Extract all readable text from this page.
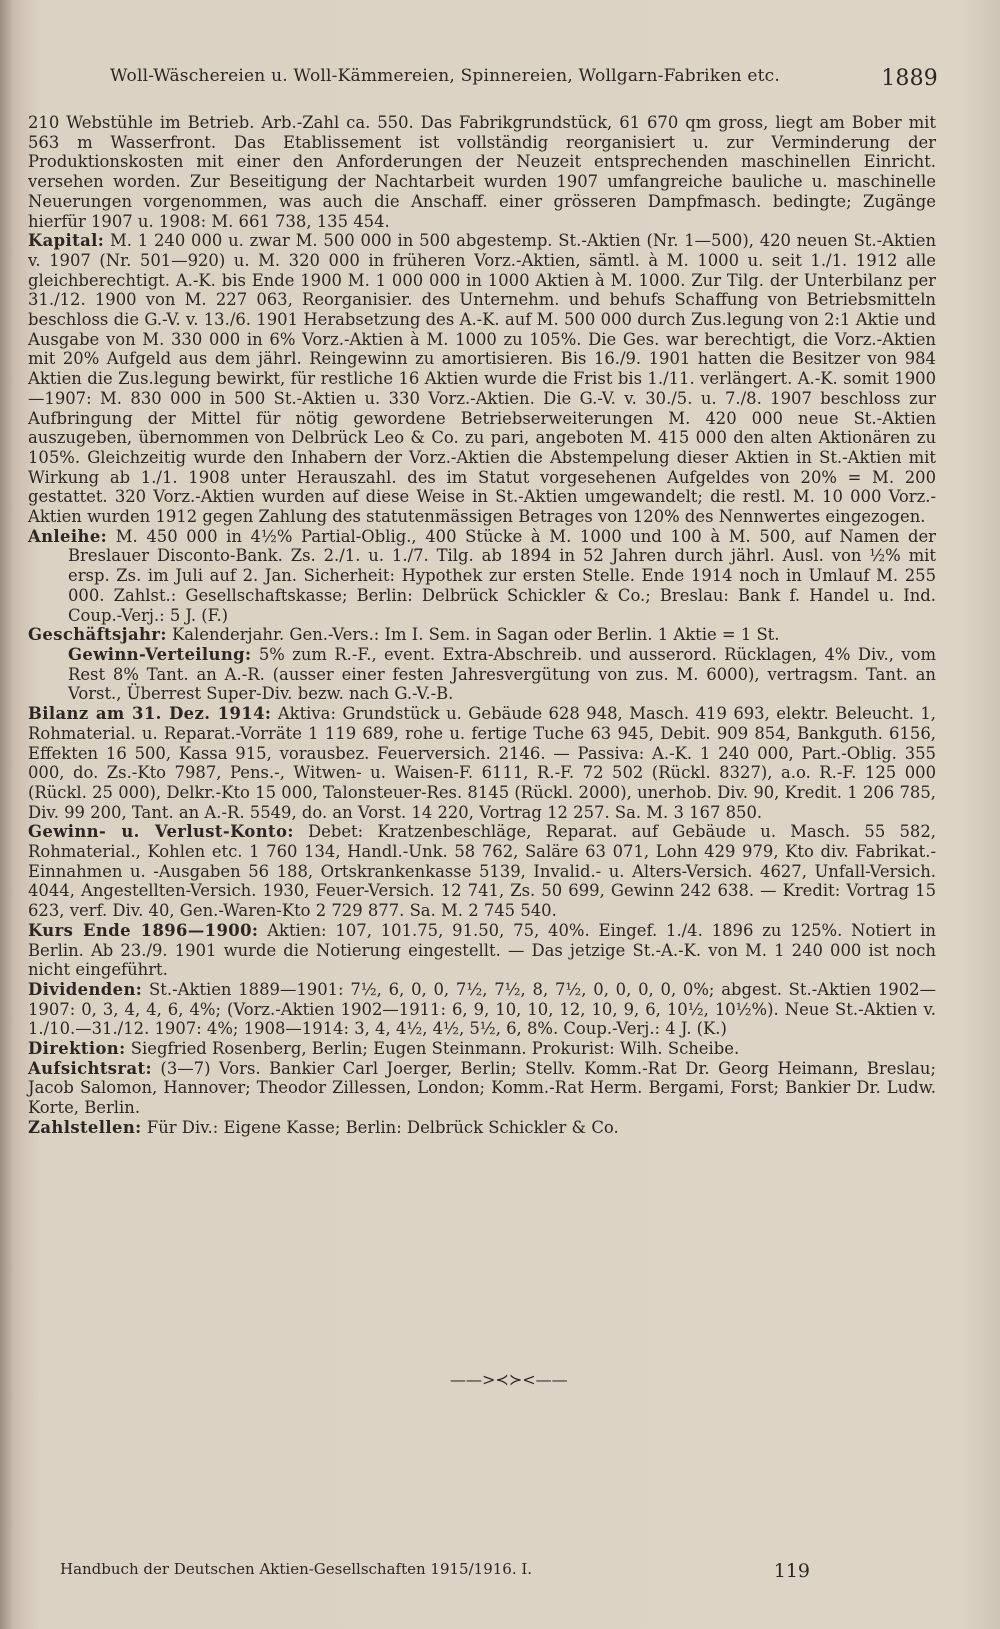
Woll-Wäschereien u. Woll-Kämmereien, Spinnereien, Wollgarn-Fabriken etc.	1889

210 Webstühle im Betrieb. Arb.-Zahl ca. 550. Das Fabrikgrundstück, 61 670 qm gross, liegt am Bober mit 563 m Wasserfront. Das Etablissement ist vollständig reorganisiert u. zur Verminderung der Produktionskosten mit einer den Anforderungen der Neuzeit entsprechenden maschinellen Einricht. versehen worden. Zur Beseitigung der Nachtarbeit wurden 1907 umfangreiche bauliche u. maschinelle Neuerungen vorgenommen, was auch die Anschaff. einer grösseren Dampfmasch. bedingte; Zugänge hierfür 1907 u. 1908: M. 661 738, 135 454.

Kapital: M. 1 240 000 u. zwar M. 500 000 in 500 abgestemp. St.-Aktien (Nr. 1—500), 420 neuen St.-Aktien v. 1907 (Nr. 501—920) u. M. 320 000 in früheren Vorz.-Aktien, sämtl. à M. 1000 u. seit 1./1. 1912 alle gleichberechtigt. A.-K. bis Ende 1900 M. 1 000 000 in 1000 Aktien à M. 1000. Zur Tilg. der Unterbilanz per 31./12. 1900 von M. 227 063, Reorganisier. des Unternehm. und behufs Schaffung von Betriebsmitteln beschloss die G.-V. v. 13./6. 1901 Herabsetzung des A.-K. auf M. 500 000 durch Zus.legung von 2:1 Aktie und Ausgabe von M. 330 000 in 6% Vorz.-Aktien à M. 1000 zu 105%. Die Ges. war berechtigt, die Vorz.-Aktien mit 20% Aufgeld aus dem jährl. Reingewinn zu amortisieren. Bis 16./9. 1901 hatten die Besitzer von 984 Aktien die Zus.legung bewirkt, für restliche 16 Aktien wurde die Frist bis 1./11. verlängert. A.-K. somit 1900—1907: M. 830 000 in 500 St.-Aktien u. 330 Vorz.-Aktien. Die G.-V. v. 30./5. u. 7./8. 1907 beschloss zur Aufbringung der Mittel für nötig gewordene Betriebserweiterungen M. 420 000 neue St.-Aktien auszugeben, übernommen von Delbrück Leo & Co. zu pari, angeboten M. 415 000 den alten Aktionären zu 105%. Gleichzeitig wurde den Inhabern der Vorz.-Aktien die Abstempelung dieser Aktien in St.-Aktien mit Wirkung ab 1./1. 1908 unter Herauszahl. des im Statut vorgesehenen Aufgeldes von 20% = M. 200 gestattet. 320 Vorz.-Aktien wurden auf diese Weise in St.-Aktien umgewandelt; die restl. M. 10 000 Vorz.-Aktien wurden 1912 gegen Zahlung des statutenmässigen Betrages von 120% des Nennwertes eingezogen.

Anleihe: M. 450 000 in 4½% Partial-Oblig., 400 Stücke à M. 1000 und 100 à M. 500, auf Namen der Breslauer Disconto-Bank. Zs. 2./1. u. 1./7. Tilg. ab 1894 in 52 Jahren durch jährl. Ausl. von ½% mit ersp. Zs. im Juli auf 2. Jan. Sicherheit: Hypothek zur ersten Stelle. Ende 1914 noch in Umlauf M. 255 000. Zahlst.: Gesellschaftskasse; Berlin: Delbrück Schickler & Co.; Breslau: Bank f. Handel u. Ind. Coup.-Verj.: 5 J. (F.)

Geschäftsjahr: Kalenderjahr. Gen.-Vers.: Im I. Sem. in Sagan oder Berlin. 1 Aktie = 1 St.

Gewinn-Verteilung: 5% zum R.-F., event. Extra-Abschreib. und ausserord. Rücklagen, 4% Div., vom Rest 8% Tant. an A.-R. (ausser einer festen Jahresvergütung von zus. M. 6000), vertragsm. Tant. an Vorst., Überrest Super-Div. bezw. nach G.-V.-B.

Bilanz am 31. Dez. 1914: Aktiva: Grundstück u. Gebäude 628 948, Masch. 419 693, elektr. Beleucht. 1, Rohmaterial. u. Reparat.-Vorräte 1 119 689, rohe u. fertige Tuche 63 945, Debit. 909 854, Bankguth. 6156, Effekten 16 500, Kassa 915, vorausbez. Feuerversich. 2146. — Passiva: A.-K. 1 240 000, Part.-Oblig. 355 000, do. Zs.-Kto 7987, Pens.-, Witwen- u. Waisen-F. 6111, R.-F. 72 502 (Rückl. 8327), a.o. R.-F. 125 000 (Rückl. 25 000), Delkr.-Kto 15 000, Talonsteuer-Res. 8145 (Rückl. 2000), unerhob. Div. 90, Kredit. 1 206 785, Div. 99 200, Tant. an A.-R. 5549, do. an Vorst. 14 220, Vortrag 12 257. Sa. M. 3 167 850.

Gewinn- u. Verlust-Konto: Debet: Kratzenbeschläge, Reparat. auf Gebäude u. Masch. 55 582, Rohmaterial., Kohlen etc. 1 760 134, Handl.-Unk. 58 762, Saläre 63 071, Lohn 429 979, Kto div. Fabrikat.-Einnahmen u. -Ausgaben 56 188, Ortskrankenkasse 5139, Invalid.- u. Alters-Versich. 4627, Unfall-Versich. 4044, Angestellten-Versich. 1930, Feuer-Versich. 12 741, Zs. 50 699, Gewinn 242 638. — Kredit: Vortrag 15 623, verf. Div. 40, Gen.-Waren-Kto 2 729 877. Sa. M. 2 745 540.

Kurs Ende 1896—1900: Aktien: 107, 101.75, 91.50, 75, 40%. Eingef. 1./4. 1896 zu 125%. Notiert in Berlin. Ab 23./9. 1901 wurde die Notierung eingestellt. — Das jetzige St.-A.-K. von M. 1 240 000 ist noch nicht eingeführt.

Dividenden: St.-Aktien 1889—1901: 7½, 6, 0, 0, 7½, 7½, 8, 7½, 0, 0, 0, 0, 0%; abgest. St.-Aktien 1902—1907: 0, 3, 4, 4, 6, 4%; (Vorz.-Aktien 1902—1911: 6, 9, 10, 10, 12, 10, 9, 6, 10½, 10½%). Neue St.-Aktien v. 1./10.—31./12. 1907: 4%; 1908—1914: 3, 4, 4½, 4½, 5½, 6, 8%. Coup.-Verj.: 4 J. (K.)

Direktion: Siegfried Rosenberg, Berlin; Eugen Steinmann. Prokurist: Wilh. Scheibe.

Aufsichtsrat: (3—7) Vors. Bankier Carl Joerger, Berlin; Stellv. Komm.-Rat Dr. Georg Heimann, Breslau; Jacob Salomon, Hannover; Theodor Zillessen, London; Komm.-Rat Herm. Bergami, Forst; Bankier Dr. Ludw. Korte, Berlin.

Zahlstellen: Für Div.: Eigene Kasse; Berlin: Delbrück Schickler & Co.

——>≺≻<——
Handbuch der Deutschen Aktien-Gesellschaften 1915/1916. I.	119
